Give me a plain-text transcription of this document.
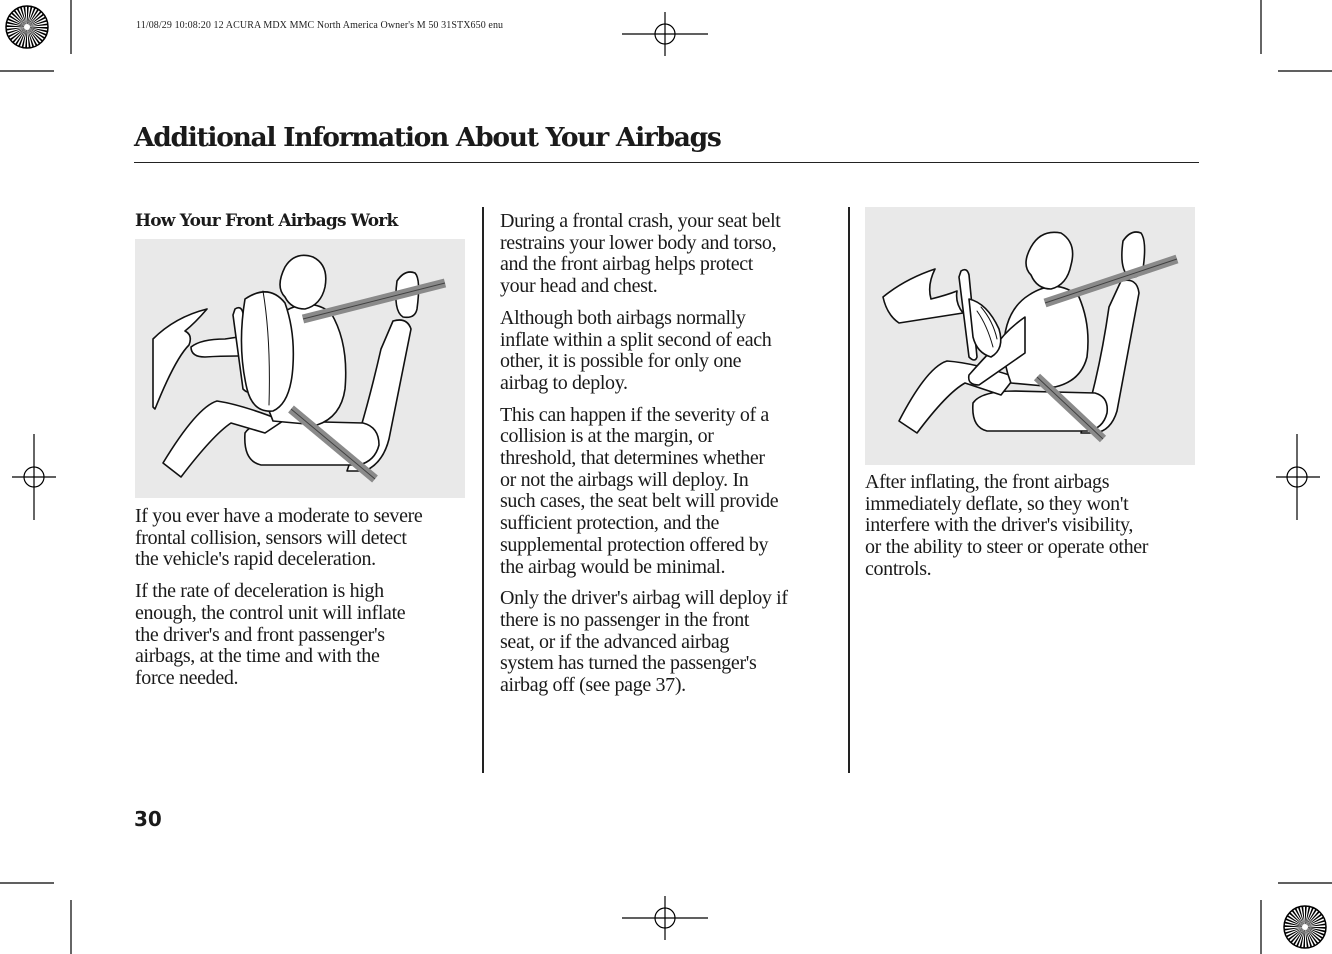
11/08/29 10:08:20 12 ACURA MDX MMC North America Owner's M 50 31STX650 enu
Additional Information About Your Airbags
How Your Front Airbags Work

If you ever have a moderate to severe
frontal collision, sensors will detect
the vehicle's rapid deceleration.

If the rate of deceleration is high
enough, the control unit will inflate
the driver's and front passenger's
airbags, at the time and with the
force needed.

During a frontal crash, your seat belt
restrains your lower body and torso,
and the front airbag helps protect
your head and chest.

Although both airbags normally
inflate within a split second of each
other, it is possible for only one
airbag to deploy.

This can happen if the severity of a
collision is at the margin, or
threshold, that determines whether
or not the airbags will deploy. In
such cases, the seat belt will provide
sufficient protection, and the
supplemental protection offered by
the airbag would be minimal.

Only the driver's airbag will deploy if
there is no passenger in the front
seat, or if the advanced airbag
system has turned the passenger's
airbag off (see page 37).

After inflating, the front airbags
immediately deflate, so they won't
interfere with the driver's visibility,
or the ability to steer or operate other
controls.

30
